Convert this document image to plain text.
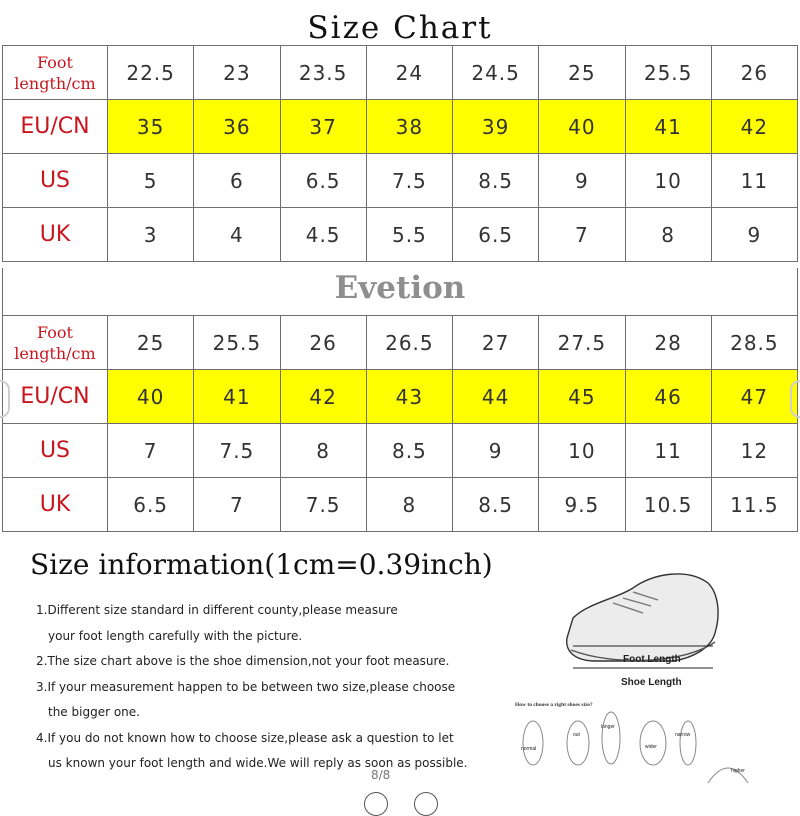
Size Chart
Foot length/cm	22.5	23	23.5	24	24.5	25	25.5	26
EU/CN	35	36	37	38	39	40	41	42
US	5	6	6.5	7.5	8.5	9	10	11
UK	3	4	4.5	5.5	6.5	7	8	9
Evetion
Foot length/cm	25	25.5	26	26.5	27	27.5	28	28.5
EU/CN	40	41	42	43	44	45	46	47
US	7	7.5	8	8.5	9	10	11	12
UK	6.5	7	7.5	8	8.5	9.5	10.5	11.5
Size information(1cm=0.39inch)
1.Different size standard in different county,please measure
your foot length carefully with the picture.
2.The size chart above is the shoe dimension,not your foot measure.
3.If your measurement happen to be between two size,please choose
the bigger one.
4.If you do not known how to choose size,please ask a question to let
us known your foot length and wide.We will reply as soon as possible.
Foot Length
Shoe Length
How to choose a right shoes size?
normal
out
longer
wider
narrow
higher
8/8
